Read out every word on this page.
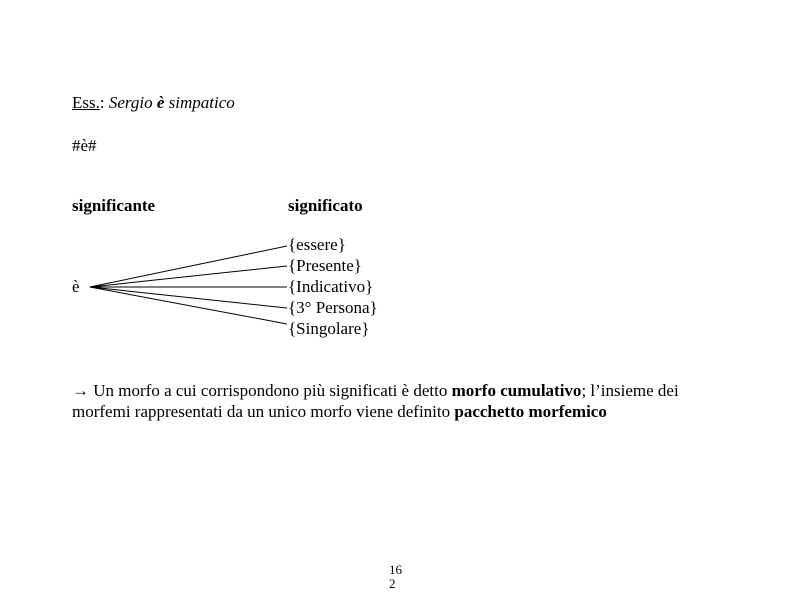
Ess.: Sergio è simpatico
#è#
significante	significato
è
{essere}
{Presente}
{Indicativo}
{3° Persona}
{Singolare}
→ Un morfo a cui corrispondono più significati è detto morfo cumulativo; l’insieme dei
morfemi rappresentati da un unico morfo viene definito pacchetto morfemico
16
2
